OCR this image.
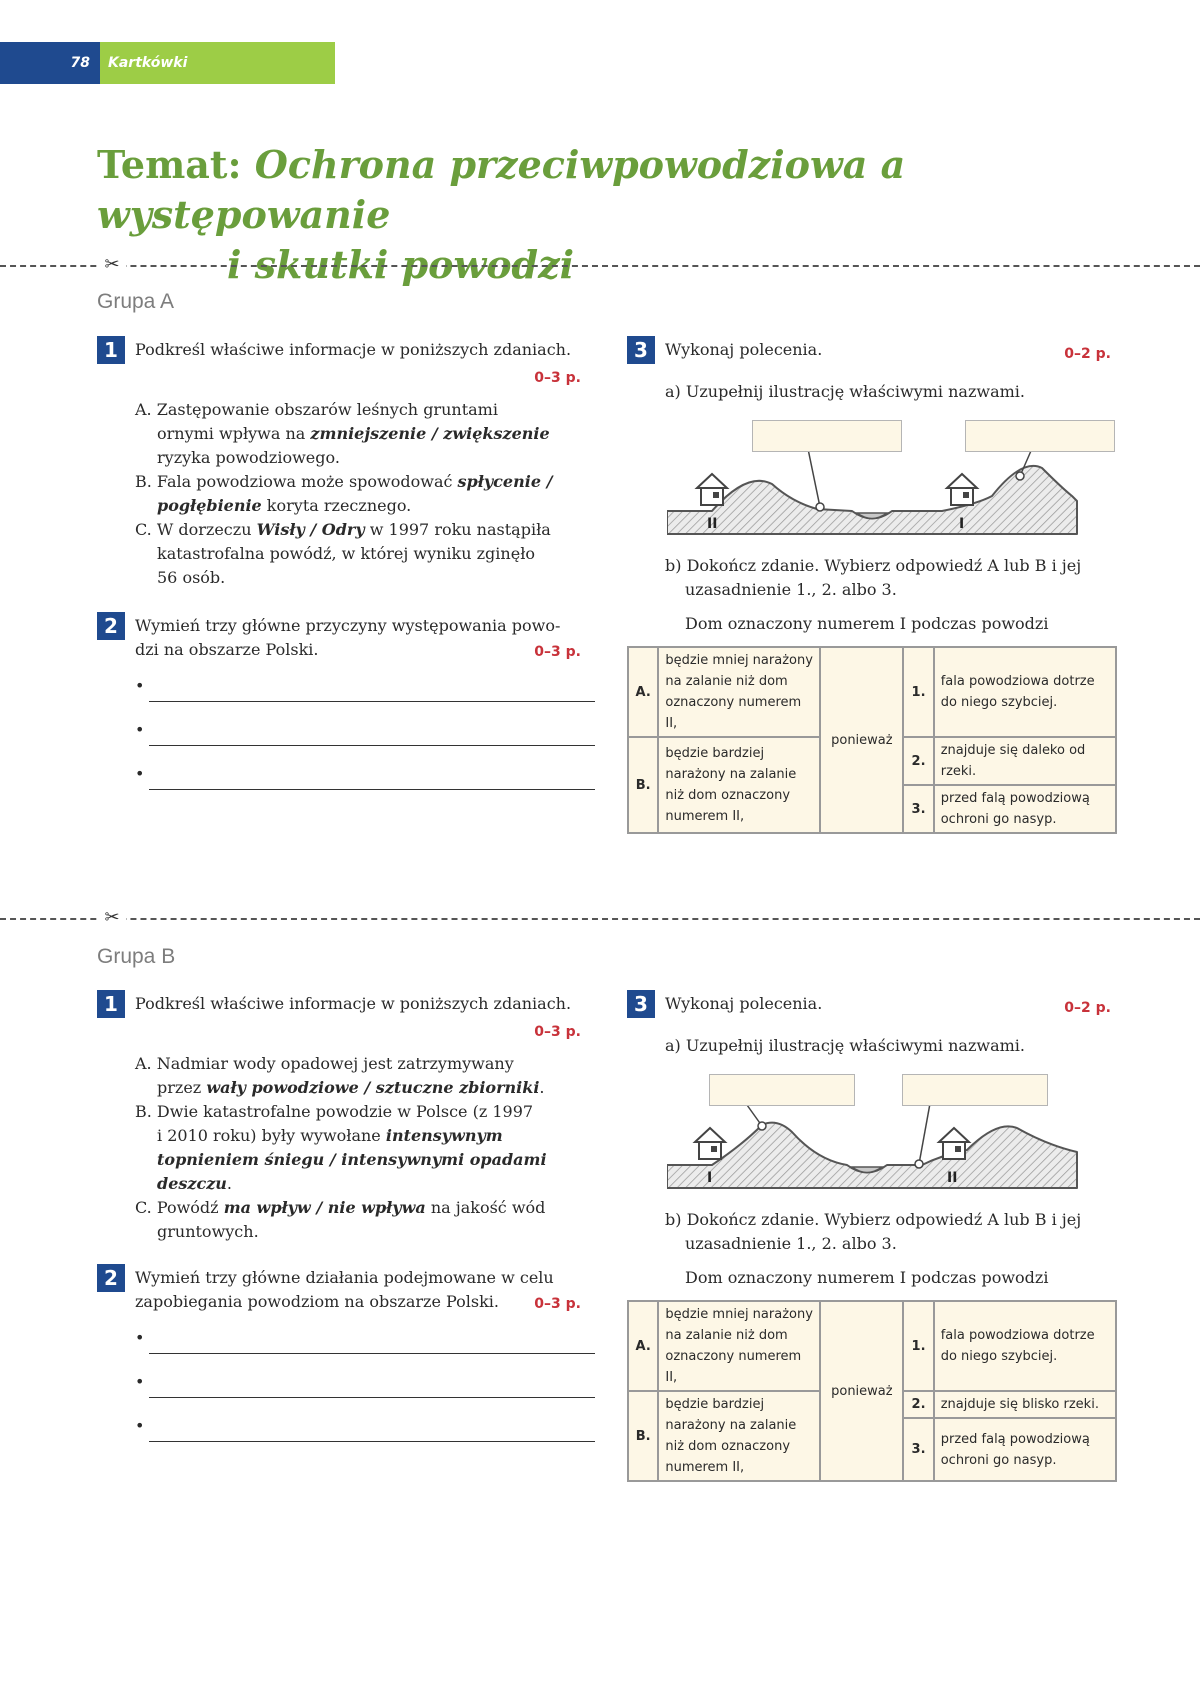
78	Kartkówki
Temat: Ochrona przeciwpowodziowa a występowanie
i skutki powodzi
✂
Grupa A
1	Podkreśl właściwe informacje w poniższych zdaniach.
0–3 p.
A. Zastępowanie obszarów leśnych gruntami
ornymi wpływa na zmniejszenie / zwiększenie
ryzyka powodziowego.
B. Fala powodziowa może spowodować spłycenie /
pogłębienie koryta rzecznego.
C. W dorzeczu Wisły / Odry w 1997 roku nastąpiła
katastrofalna powódź, w której wyniku zginęło
56 osób.
2	Wymień trzy główne przyczyny występowania powo-
dzi na obszarze Polski.	0–3 p.
•
•
•
3	Wykonaj polecenia.	0–2 p.
a) Uzupełnij ilustrację właściwymi nazwami.
II	I
b) Dokończ zdanie. Wybierz odpowiedź A lub B i jej
uzasadnienie 1., 2. albo 3.
Dom oznaczony numerem I podczas powodzi
A.	będzie mniej narażony na zalanie niż dom oznaczony numerem II,	ponieważ	1.	fala powodziowa dotrze do niego szybciej.

B.	będzie bardziej narażony na zalanie niż dom oznaczony numerem II,		2.	znajduje się daleko od rzeki.

			3.	przed falą powodziową ochroni go nasyp.

✂
Grupa B
1	Podkreśl właściwe informacje w poniższych zdaniach.
0–3 p.
A. Nadmiar wody opadowej jest zatrzymywany
przez wały powodziowe / sztuczne zbiorniki.
B. Dwie katastrofalne powodzie w Polsce (z 1997
i 2010 roku) były wywołane intensywnym
topnieniem śniegu / intensywnymi opadami
deszczu.
C. Powódź ma wpływ / nie wpływa na jakość wód
gruntowych.
2	Wymień trzy główne działania podejmowane w celu
zapobiegania powodziom na obszarze Polski.	0–3 p.
•
•
•
3	Wykonaj polecenia.	0–2 p.
a) Uzupełnij ilustrację właściwymi nazwami.
I	II
b) Dokończ zdanie. Wybierz odpowiedź A lub B i jej
uzasadnienie 1., 2. albo 3.
Dom oznaczony numerem I podczas powodzi
A.	będzie mniej narażony na zalanie niż dom oznaczony numerem II,	ponieważ	1.	fala powodziowa dotrze do niego szybciej.

B.	będzie bardziej narażony na zalanie niż dom oznaczony numerem II,		2.	znajduje się blisko rzeki.

			3.	przed falą powodziową ochroni go nasyp.
